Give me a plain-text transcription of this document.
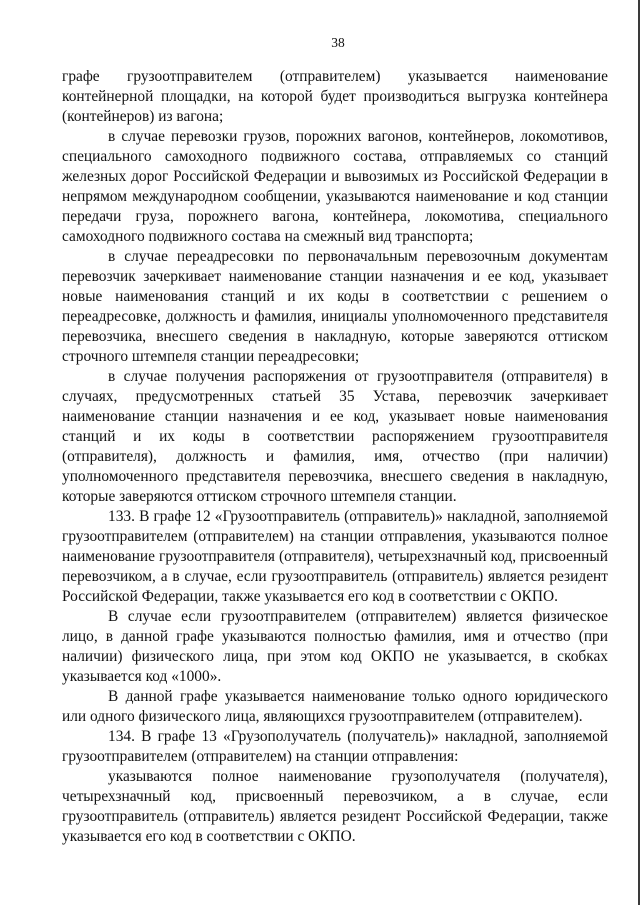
38

графе грузоотправителем (отправителем) указывается наименование контейнерной площадки, на которой будет производиться выгрузка контейнера (контейнеров) из вагона;

в случае перевозки грузов, порожних вагонов, контейнеров, локомотивов, специального самоходного подвижного состава, отправляемых со станций железных дорог Российской Федерации и вывозимых из Российской Федерации в непрямом международном сообщении, указываются наименование и код станции передачи груза, порожнего вагона, контейнера, локомотива, специального самоходного подвижного состава на смежный вид транспорта;

в случае переадресовки по первоначальным перевозочным документам перевозчик зачеркивает наименование станции назначения и ее код, указывает новые наименования станций и их коды в соответствии с решением о переадресовке, должность и фамилия, инициалы уполномоченного представителя перевозчика, внесшего сведения в накладную, которые заверяются оттиском строчного штемпеля станции переадресовки;

в случае получения распоряжения от грузоотправителя (отправителя) в случаях, предусмотренных статьей 35 Устава, перевозчик зачеркивает наименование станции назначения и ее код, указывает новые наименования станций и их коды в соответствии распоряжением грузоотправителя (отправителя), должность и фамилия, имя, отчество (при наличии) уполномоченного представителя перевозчика, внесшего сведения в накладную, которые заверяются оттиском строчного штемпеля станции.

133. В графе 12 «Грузоотправитель (отправитель)» накладной, заполняемой грузоотправителем (отправителем) на станции отправления, указываются полное наименование грузоотправителя (отправителя), четырехзначный код, присвоенный перевозчиком, а в случае, если грузоотправитель (отправитель) является резидент Российской Федерации, также указывается его код в соответствии с ОКПО.

В случае если грузоотправителем (отправителем) является физическое лицо, в данной графе указываются полностью фамилия, имя и отчество (при наличии) физического лица, при этом код ОКПО не указывается, в скобках указывается код «1000».

В данной графе указывается наименование только одного юридического или одного физического лица, являющихся грузоотправителем (отправителем).

134. В графе 13 «Грузополучатель (получатель)» накладной, заполняемой грузоотправителем (отправителем) на станции отправления:

указываются полное наименование грузополучателя (получателя),

четырехзначный код, присвоенный перевозчиком, а в случае, если грузоотправитель (отправитель) является резидент Российской Федерации, также указывается его код в соответствии с ОКПО.
